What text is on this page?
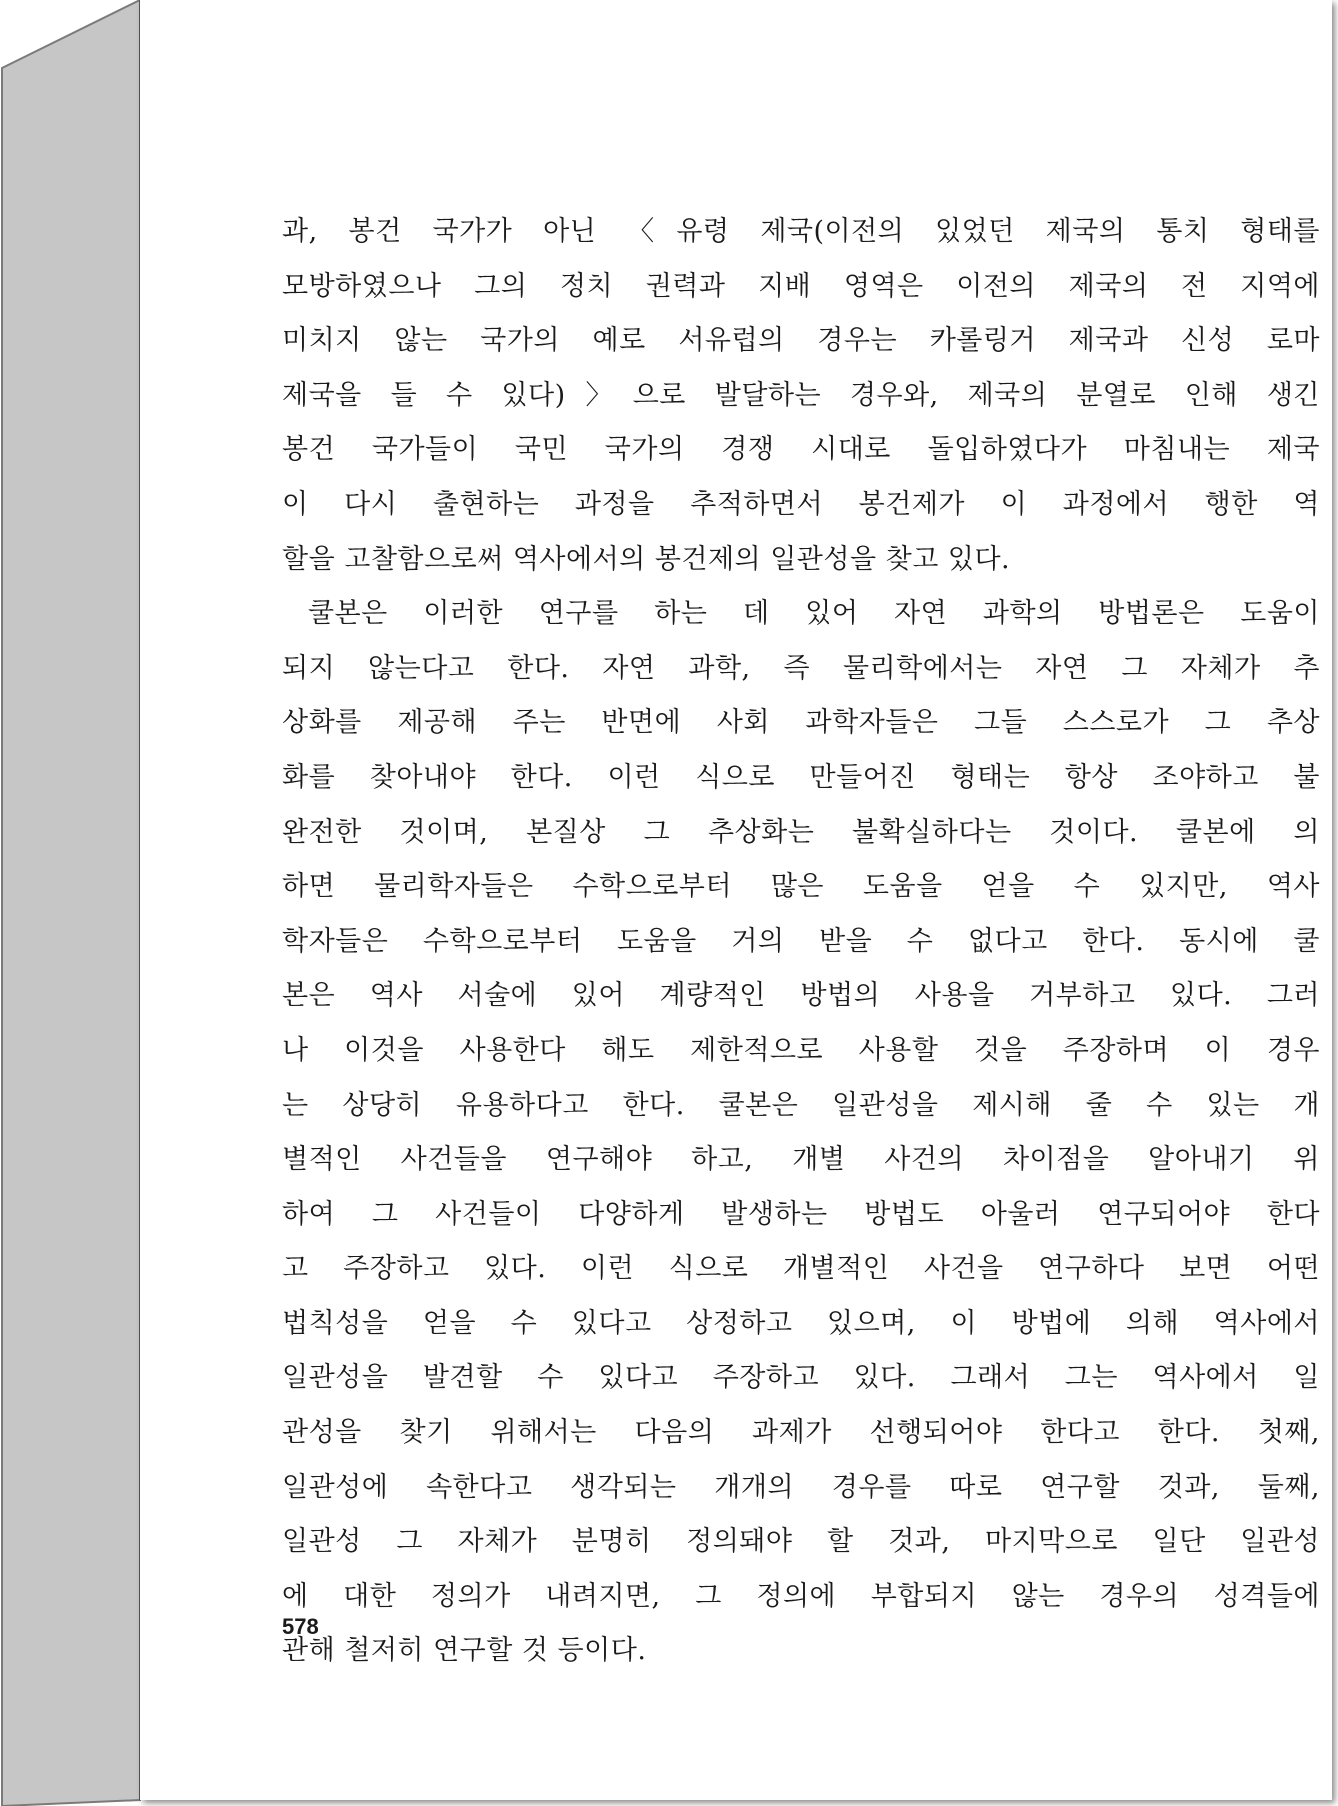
과, 봉건 국가가 아닌 〈유령 제국(이전의 있었던 제국의 통치 형태를
모방하였으나 그의 정치 권력과 지배 영역은 이전의 제국의 전 지역에
미치지 않는 국가의 예로 서유럽의 경우는 카롤링거 제국과 신성 로마
제국을 들 수 있다)〉으로 발달하는 경우와, 제국의 분열로 인해 생긴
봉건 국가들이 국민 국가의 경쟁 시대로 돌입하였다가 마침내는 제국
이 다시 출현하는 과정을 추적하면서 봉건제가 이 과정에서 행한 역
할을 고찰함으로써 역사에서의 봉건제의 일관성을 찾고 있다.
쿨본은 이러한 연구를 하는 데 있어 자연 과학의 방법론은 도움이
되지 않는다고 한다. 자연 과학, 즉 물리학에서는 자연 그 자체가 추
상화를 제공해 주는 반면에 사회 과학자들은 그들 스스로가 그 추상
화를 찾아내야 한다. 이런 식으로 만들어진 형태는 항상 조야하고 불
완전한 것이며, 본질상 그 추상화는 불확실하다는 것이다. 쿨본에 의
하면 물리학자들은 수학으로부터 많은 도움을 얻을 수 있지만, 역사
학자들은 수학으로부터 도움을 거의 받을 수 없다고 한다. 동시에 쿨
본은 역사 서술에 있어 계량적인 방법의 사용을 거부하고 있다. 그러
나 이것을 사용한다 해도 제한적으로 사용할 것을 주장하며 이 경우
는 상당히 유용하다고 한다. 쿨본은 일관성을 제시해 줄 수 있는 개
별적인 사건들을 연구해야 하고, 개별 사건의 차이점을 알아내기 위
하여 그 사건들이 다양하게 발생하는 방법도 아울러 연구되어야 한다
고 주장하고 있다. 이런 식으로 개별적인 사건을 연구하다 보면 어떤
법칙성을 얻을 수 있다고 상정하고 있으며, 이 방법에 의해 역사에서
일관성을 발견할 수 있다고 주장하고 있다. 그래서 그는 역사에서 일
관성을 찾기 위해서는 다음의 과제가 선행되어야 한다고 한다. 첫째,
일관성에 속한다고 생각되는 개개의 경우를 따로 연구할 것과, 둘째,
일관성 그 자체가 분명히 정의돼야 할 것과, 마지막으로 일단 일관성
에 대한 정의가 내려지면, 그 정의에 부합되지 않는 경우의 성격들에
관해 철저히 연구할 것 등이다.
578
